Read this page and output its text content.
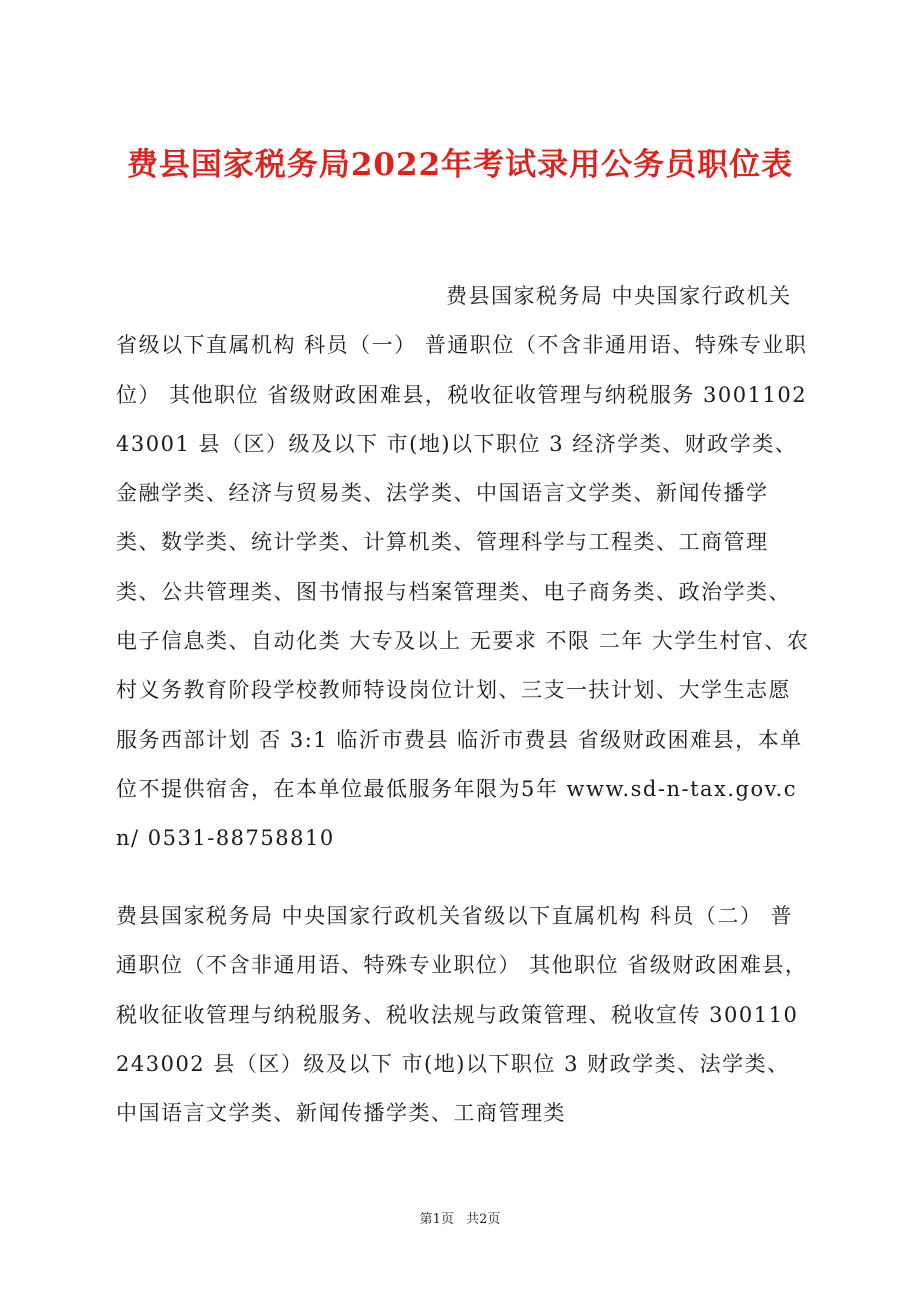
费县国家税务局2022年考试录用公务员职位表

费县国家税务局 中央国家行政机关省级以下直属机构 科员（一） 普通职位（不含非通用语、特殊专业职位） 其他职位 省级财政困难县，税收征收管理与纳税服务 300110243001 县（区）级及以下 市(地)以下职位 3 经济学类、财政学类、金融学类、经济与贸易类、法学类、中国语言文学类、新闻传播学类、数学类、统计学类、计算机类、管理科学与工程类、工商管理类、公共管理类、图书情报与档案管理类、电子商务类、政治学类、电子信息类、自动化类 大专及以上 无要求 不限 二年 大学生村官、农村义务教育阶段学校教师特设岗位计划、三支一扶计划、大学生志愿服务西部计划 否 3:1 临沂市费县 临沂市费县 省级财政困难县，本单位不提供宿舍，在本单位最低服务年限为5年 www.sd-n-tax.gov.cn/ 0531-88758810

费县国家税务局 中央国家行政机关省级以下直属机构 科员（二） 普通职位（不含非通用语、特殊专业职位） 其他职位 省级财政困难县，税收征收管理与纳税服务、税收法规与政策管理、税收宣传 300110243002 县（区）级及以下 市(地)以下职位 3 财政学类、法学类、中国语言文学类、新闻传播学类、工商管理类

第1页 共2页
